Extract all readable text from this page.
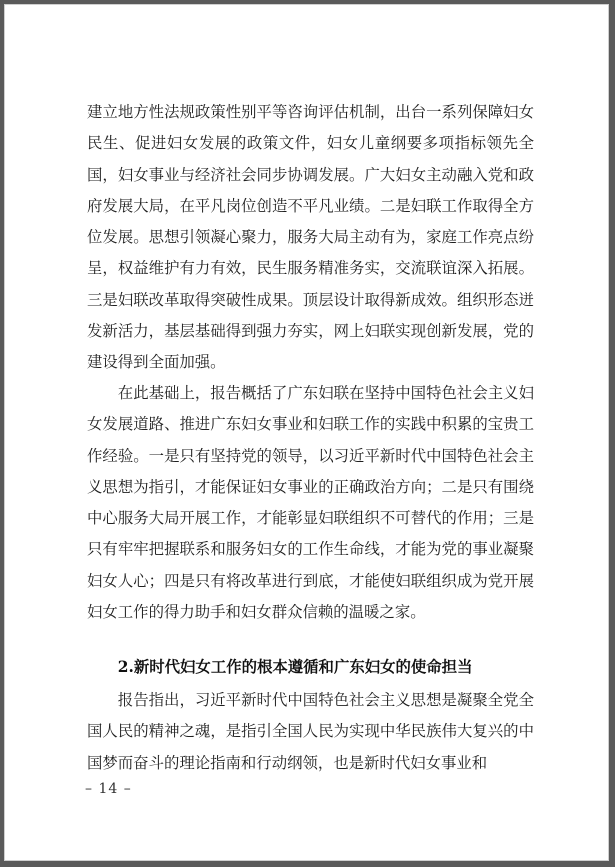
建立地方性法规政策性别平等咨询评估机制，出台一系列保障妇女民生、促进妇女发展的政策文件，妇女儿童纲要多项指标领先全国，妇女事业与经济社会同步协调发展。广大妇女主动融入党和政府发展大局，在平凡岗位创造不平凡业绩。二是妇联工作取得全方位发展。思想引领凝心聚力，服务大局主动有为，家庭工作亮点纷呈，权益维护有力有效，民生服务精准务实，交流联谊深入拓展。三是妇联改革取得突破性成果。顶层设计取得新成效。组织形态迸发新活力，基层基础得到强力夯实，网上妇联实现创新发展，党的建设得到全面加强。

在此基础上，报告概括了广东妇联在坚持中国特色社会主义妇女发展道路、推进广东妇女事业和妇联工作的实践中积累的宝贵工作经验。一是只有坚持党的领导，以习近平新时代中国特色社会主义思想为指引，才能保证妇女事业的正确政治方向；二是只有围绕中心服务大局开展工作，才能彰显妇联组织不可替代的作用；三是只有牢牢把握联系和服务妇女的工作生命线，才能为党的事业凝聚妇女人心；四是只有将改革进行到底，才能使妇联组织成为党开展妇女工作的得力助手和妇女群众信赖的温暖之家。

2.新时代妇女工作的根本遵循和广东妇女的使命担当

报告指出，习近平新时代中国特色社会主义思想是凝聚全党全国人民的精神之魂，是指引全国人民为实现中华民族伟大复兴的中国梦而奋斗的理论指南和行动纲领，也是新时代妇女事业和

– 14 –
